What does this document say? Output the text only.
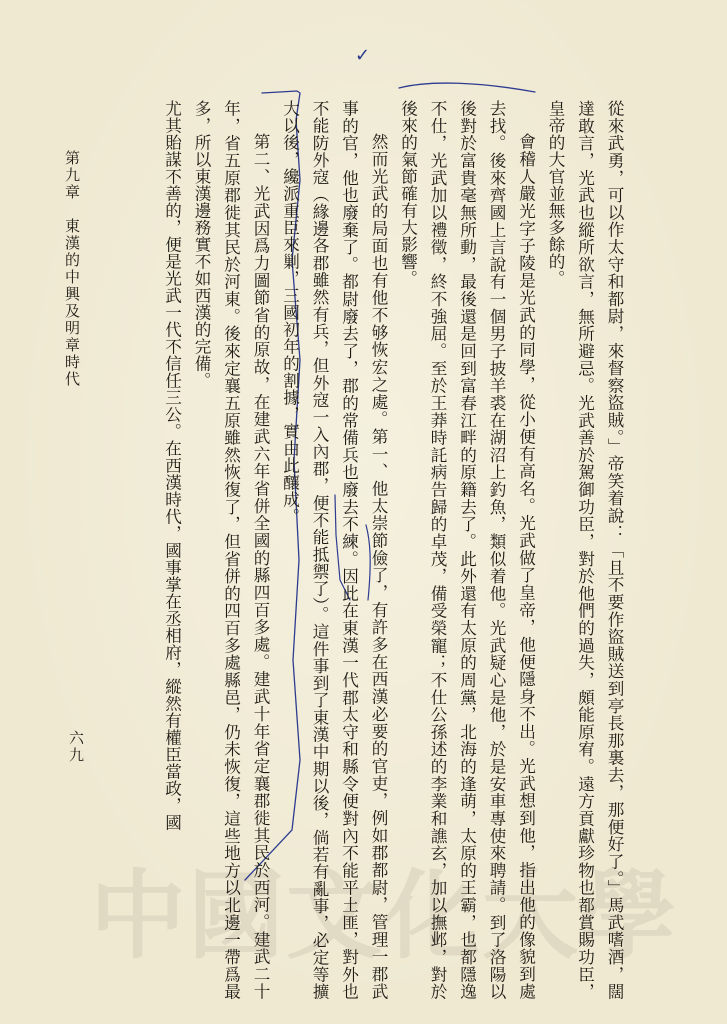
中國文化大學
✓

從來武勇，可以作太守和都尉，來督察盜賊。」帝笑着說：「且不要作盜賊送到亭長那裏去，那便好了。」馬武嗜酒，闊達敢言，光武也縱所欲言，無所避忌。光武善於駕御功臣，對於他們的過失，頗能原宥。遠方貢獻珍物也都賞賜功臣，皇帝的大官並無多餘的。

會稽人嚴光字子陵是光武的同學，從小便有高名。光武做了皇帝，他便隱身不出。光武想到他，指出他的像貌到處去找。後來齊國上言說有一個男子披羊裘在湖沼上釣魚，類似着他。光武疑心是他，於是安車專使來聘請。到了洛陽以後對於富貴毫無所動，最後還是回到富春江畔的原籍去了。此外還有太原的周黨，北海的逢萌，太原的王霸，也都隱逸不仕，光武加以禮徵，終不強屈。至於王莽時託病告歸的卓茂，備受榮寵；不仕公孫述的李業和譙玄，加以撫邺，對於後來的氣節確有大影響。

然而光武的局面也有他不够恢宏之處。第一、他太崇節儉了，有許多在西漢必要的官吏，例如郡都尉，管理一郡武事的官，他也廢棄了。都尉廢去了，郡的常備兵也廢去不練。因此在東漢一代郡太守和縣令便對內不能平土匪，對外也不能防外寇（緣邊各郡雖然有兵，但外寇一入內郡，便不能抵禦了）。這件事到了東漢中期以後，倘若有亂事，必定等擴大以後，纔派重臣來剿，三國初年的割據，實由此釀成。

第二、光武因爲力圖節省的原故，在建武六年省併全國的縣四百多處。建武十年省定襄郡徙其民於西河。建武二十年，省五原郡徙其民於河東。後來定襄五原雖然恢復了，但省併的四百多處縣邑，仍未恢復，這些地方以北邊一帶爲最多，所以東漢邊務實不如西漢的完備。

尤其貽謀不善的，便是光武一代不信任三公。在西漢時代，國事掌在丞相府，縱然有權臣當政，國

第九章　東漢的中興及明章時代
六九
